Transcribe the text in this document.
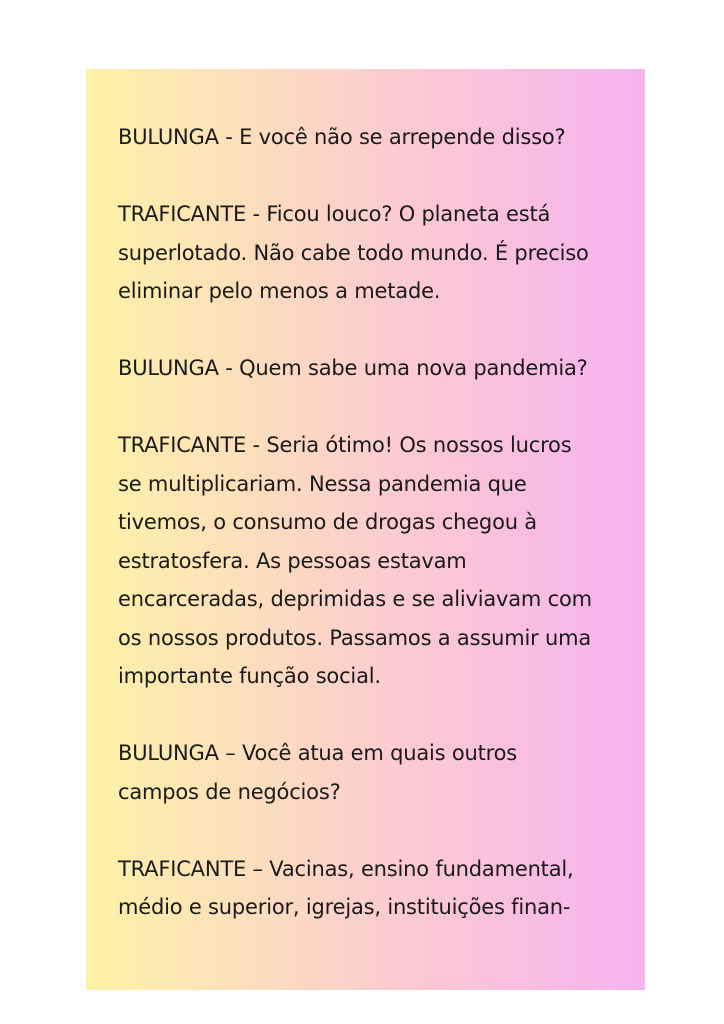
BULUNGA - E você não se arrepende disso?

TRAFICANTE - Ficou louco? O planeta está
superlotado. Não cabe todo mundo. É preciso
eliminar pelo menos a metade.

BULUNGA - Quem sabe uma nova pandemia?

TRAFICANTE - Seria ótimo! Os nossos lucros
se multiplicariam. Nessa pandemia que
tivemos, o consumo de drogas chegou à
estratosfera. As pessoas estavam
encarceradas, deprimidas e se aliviavam com
os nossos produtos. Passamos a assumir uma
importante função social.

BULUNGA – Você atua em quais outros
campos de negócios?

TRAFICANTE – Vacinas, ensino fundamental,
médio e superior, igrejas, instituições finan-
